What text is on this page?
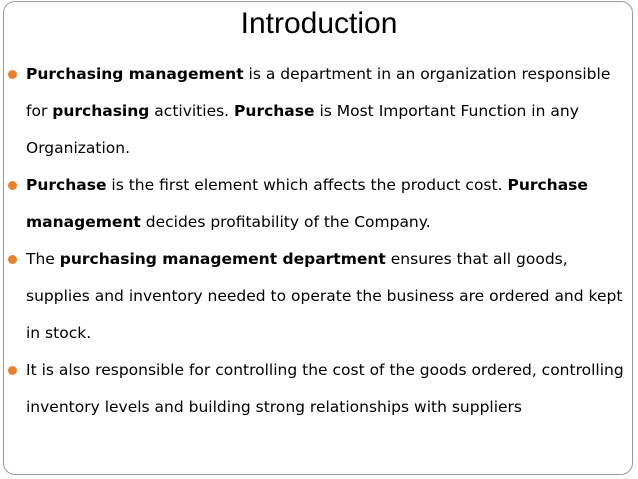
Introduction
Purchasing management is a department in an organization responsible for purchasing activities. Purchase is Most Important Function in any Organization.
Purchase is the first element which affects the product cost. Purchase management decides profitability of the Company.
The purchasing management department ensures that all goods, supplies and inventory needed to operate the business are ordered and kept in stock.
It is also responsible for controlling the cost of the goods ordered, controlling inventory levels and building strong relationships with suppliers
